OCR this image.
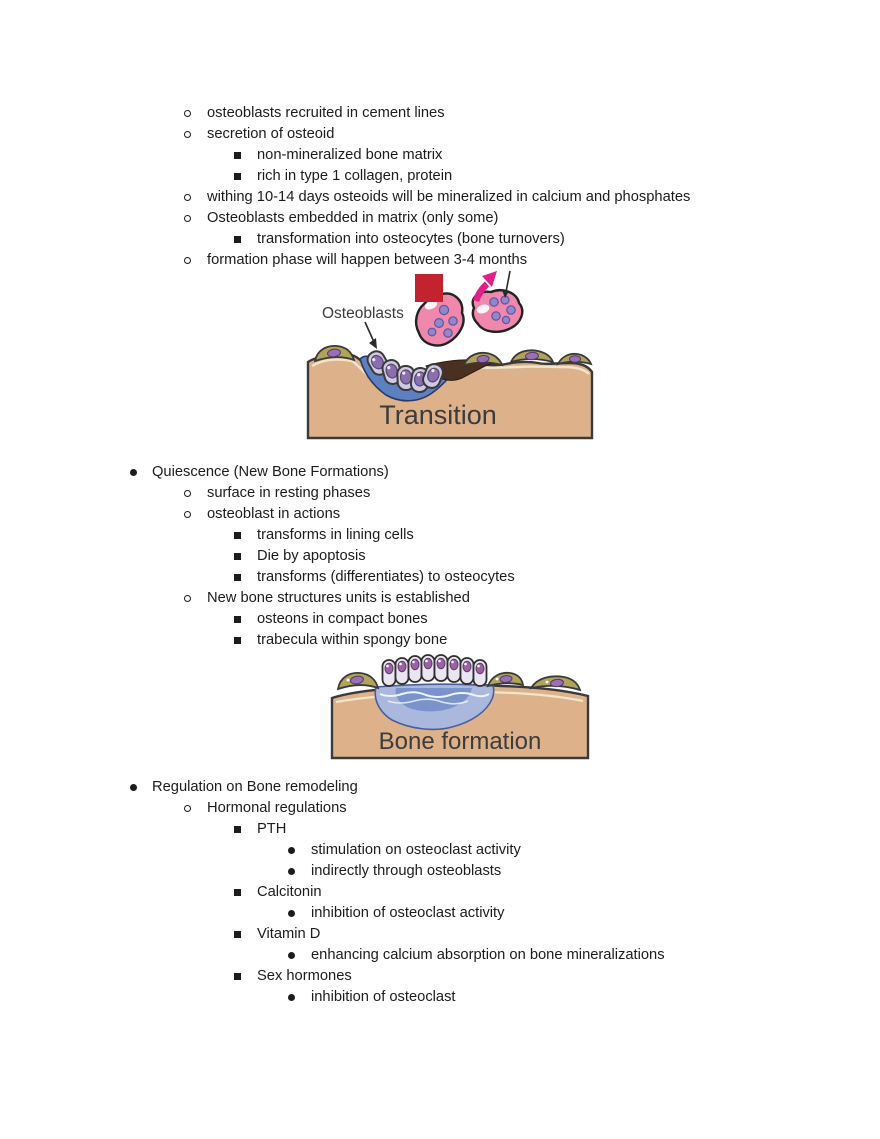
osteoblasts recruited in cement lines
secretion of osteoid
non-mineralized bone matrix
rich in type 1 collagen, protein
withing 10-14 days osteoids will be mineralized in calcium and phosphates
Osteoblasts embedded in matrix (only some)
transformation into osteocytes (bone turnovers)
formation phase will happen between 3-4 months
Osteoblasts
Transition
Quiescence (New Bone Formations)
surface in resting phases
osteoblast in actions
transforms in lining cells
Die by apoptosis
transforms (differentiates) to osteocytes
New bone structures units is established
osteons in compact bones
trabecula within spongy bone
Bone formation
Regulation on Bone remodeling
Hormonal regulations
PTH
stimulation on osteoclast activity
indirectly through osteoblasts
Calcitonin
inhibition of osteoclast activity
Vitamin D
enhancing calcium absorption on bone mineralizations
Sex hormones
inhibition of osteoclast
